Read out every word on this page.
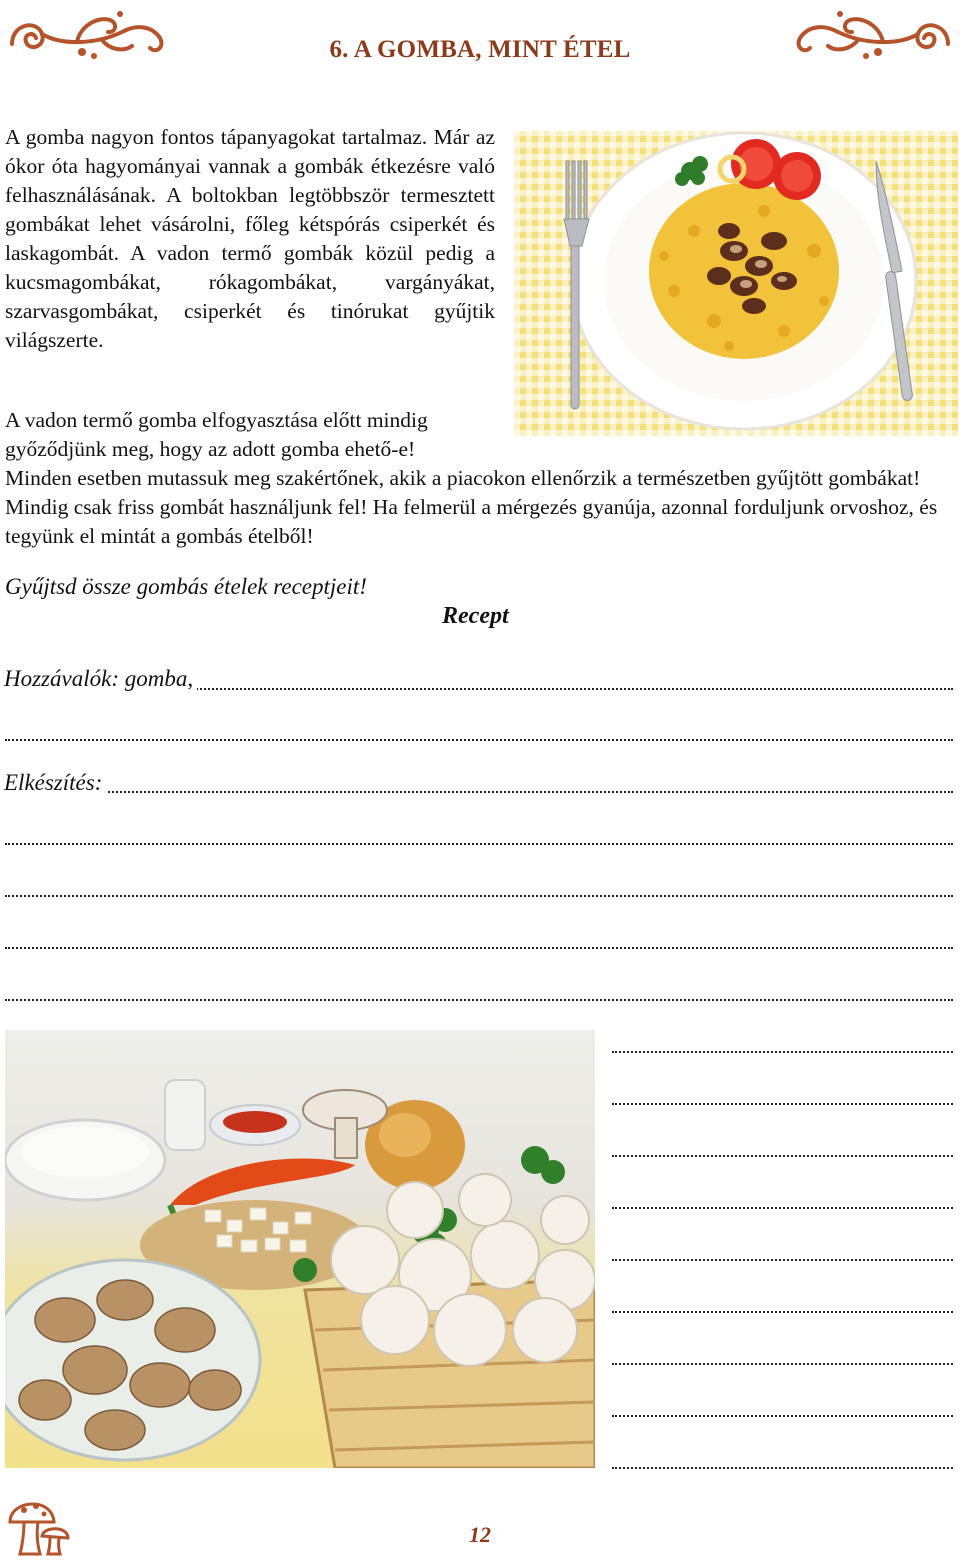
6. A GOMBA, MINT ÉTEL

A gomba nagyon fontos tápanyagokat tartalmaz. Már az ókor óta hagyományai vannak a gombák étkezésre való felhasználásának. A boltokban legtöbbször termesztett gombákat lehet vásárolni, főleg kétspórás csiperkét és laskagombát. A vadon termő gombák közül pedig a kucsmagombákat, rókagombákat, vargányákat, szarvasgombákat, csiperkét és tinórukat gyűjtik világszerte.

A vadon termő gomba elfogyasztása előtt mindig győződjünk meg, hogy az adott gomba ehető-e!

Minden esetben mutassuk meg szakértőnek, akik a piacokon ellenőrzik a természetben gyűjtött gombákat! Mindig csak friss gombát használjunk fel! Ha felmerül a mérgezés gyanúja, azonnal forduljunk orvoshoz, és tegyünk el mintát a gombás ételből!

Gyűjtsd össze gombás ételek receptjeit!
Recept
Hozzávalók: gomba,
Elkészítés:
12
